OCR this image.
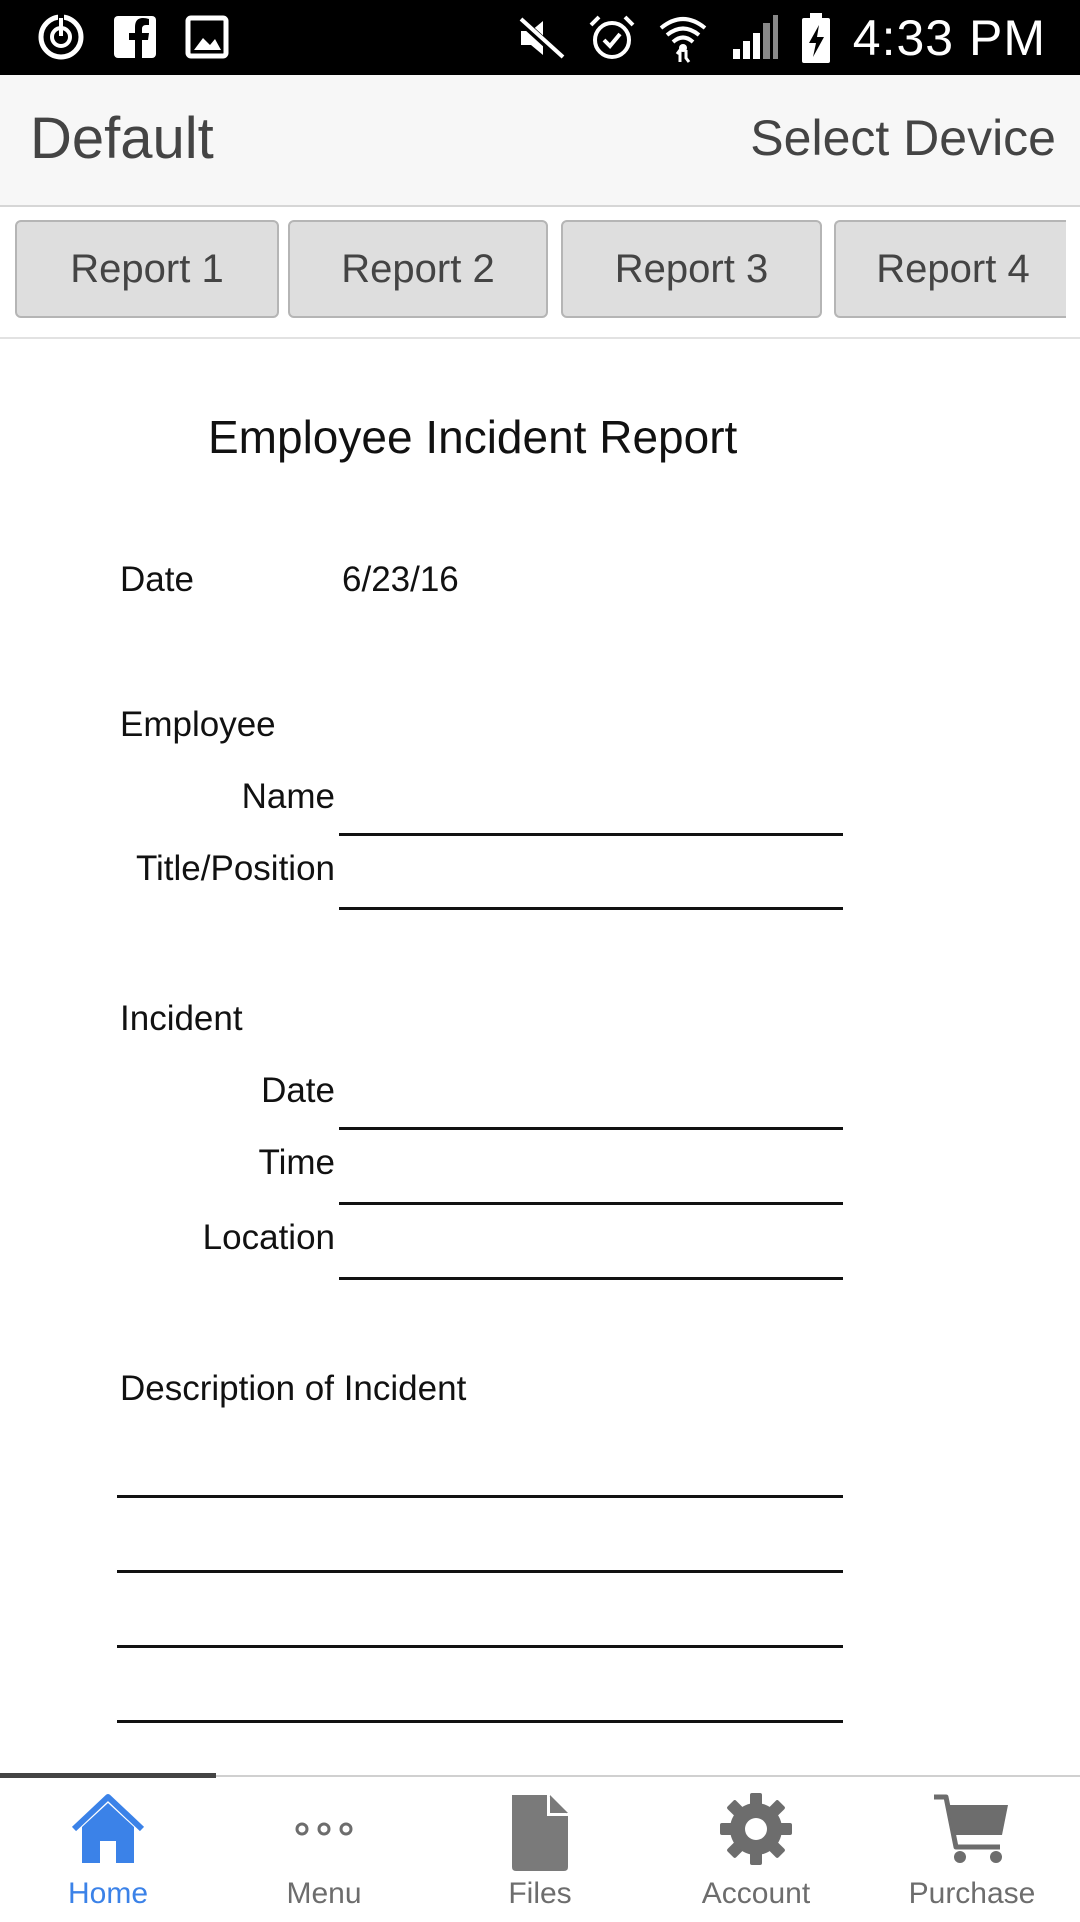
4:33 PM
Default	Select Device
Report 1	Report 2	Report 3	Report 4
Employee Incident Report
Date	6/23/16
Employee
Name
Title/Position
Incident
Date
Time
Location
Description of Incident
Home	Menu	Files	Account	Purchase
